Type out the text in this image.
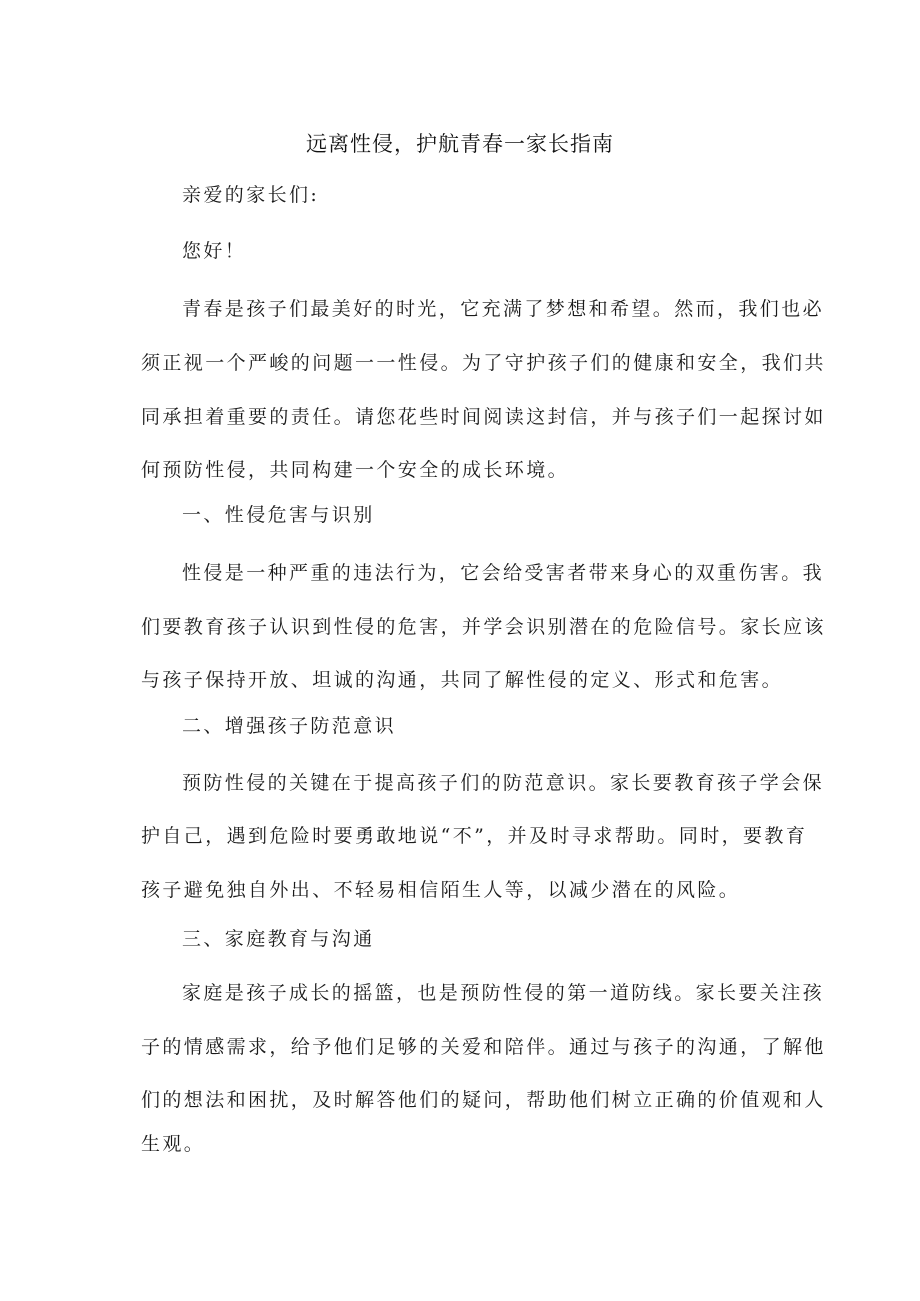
远离性侵，护航青春一家长指南
亲爱的家长们:
您好！
青春是孩子们最美好的时光，它充满了梦想和希望。然而，我们也必
须正视一个严峻的问题一一性侵。为了守护孩子们的健康和安全，我们共
同承担着重要的责任。请您花些时间阅读这封信，并与孩子们一起探讨如
何预防性侵，共同构建一个安全的成长环境。
一、性侵危害与识别
性侵是一种严重的违法行为，它会给受害者带来身心的双重伤害。我
们要教育孩子认识到性侵的危害，并学会识别潜在的危险信号。家长应该
与孩子保持开放、坦诚的沟通，共同了解性侵的定义、形式和危害。
二、增强孩子防范意识
预防性侵的关键在于提高孩子们的防范意识。家长要教育孩子学会保
护自己，遇到危险时要勇敢地说“不”，并及时寻求帮助。同时，要教育
孩子避免独自外出、不轻易相信陌生人等，以减少潜在的风险。
三、家庭教育与沟通
家庭是孩子成长的摇篮，也是预防性侵的第一道防线。家长要关注孩
子的情感需求，给予他们足够的关爱和陪伴。通过与孩子的沟通，了解他
们的想法和困扰，及时解答他们的疑问，帮助他们树立正确的价值观和人
生观。
